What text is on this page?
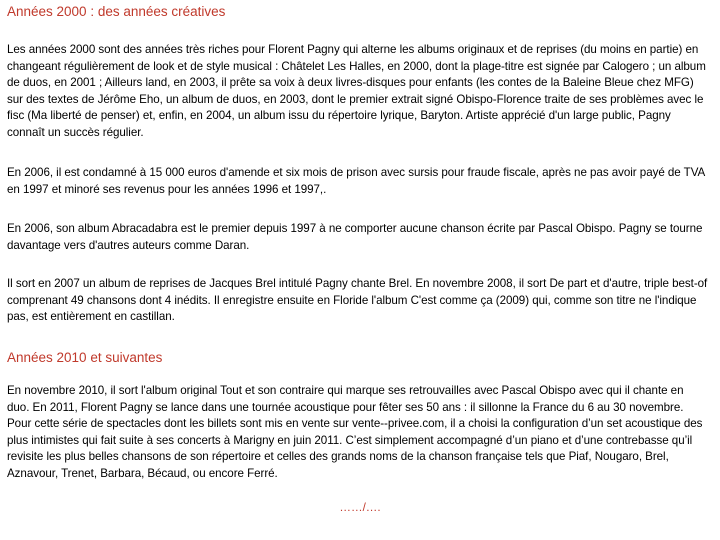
Années 2000 : des années créatives

Les années 2000 sont des années très riches pour Florent Pagny qui alterne les albums originaux et de reprises (du moins en partie) en changeant régulièrement de look et de style musical : Châtelet Les Halles, en 2000, dont la plage-titre est signée par Calogero ; un album de duos, en 2001 ; Ailleurs land, en 2003, il prête sa voix à deux livres-disques pour enfants (les contes de la Baleine Bleue chez MFG) sur des textes de Jérôme Eho, un album de duos, en 2003, dont le premier extrait signé Obispo-Florence traite de ses problèmes avec le fisc (Ma liberté de penser) et, enfin, en 2004, un album issu du répertoire lyrique, Baryton. Artiste apprécié d'un large public, Pagny connaît un succès régulier.

En 2006, il est condamné à 15 000 euros d'amende et six mois de prison avec sursis pour fraude fiscale, après ne pas avoir payé de TVA en 1997 et minoré ses revenus pour les années 1996 et 1997,.

En 2006, son album Abracadabra est le premier depuis 1997 à ne comporter aucune chanson écrite par Pascal Obispo. Pagny se tourne davantage vers d'autres auteurs comme Daran.

Il sort en 2007 un album de reprises de Jacques Brel intitulé Pagny chante Brel. En novembre 2008, il sort De part et d'autre, triple best-of comprenant 49 chansons dont 4 inédits. Il enregistre ensuite en Floride l'album C'est comme ça (2009) qui, comme son titre ne l'indique pas, est entièrement en castillan.

Années 2010 et suivantes

En novembre 2010, il sort l'album original Tout et son contraire qui marque ses retrouvailles avec Pascal Obispo avec qui il chante en duo. En 2011, Florent Pagny se lance dans une tournée acoustique pour fêter ses 50 ans : il sillonne la France du 6 au 30 novembre. Pour cette série de spectacles dont les billets sont mis en vente sur vente--privee.com, il a choisi la configuration d’un set acoustique des plus intimistes qui fait suite à ses concerts à Marigny en juin 2011. C’est simplement accompagné d’un piano et d’une contrebasse qu’il revisite les plus belles chansons de son répertoire et celles des grands noms de la chanson française tels que Piaf, Nougaro, Brel, Aznavour, Trenet, Barbara, Bécaud, ou encore Ferré.

……/….
